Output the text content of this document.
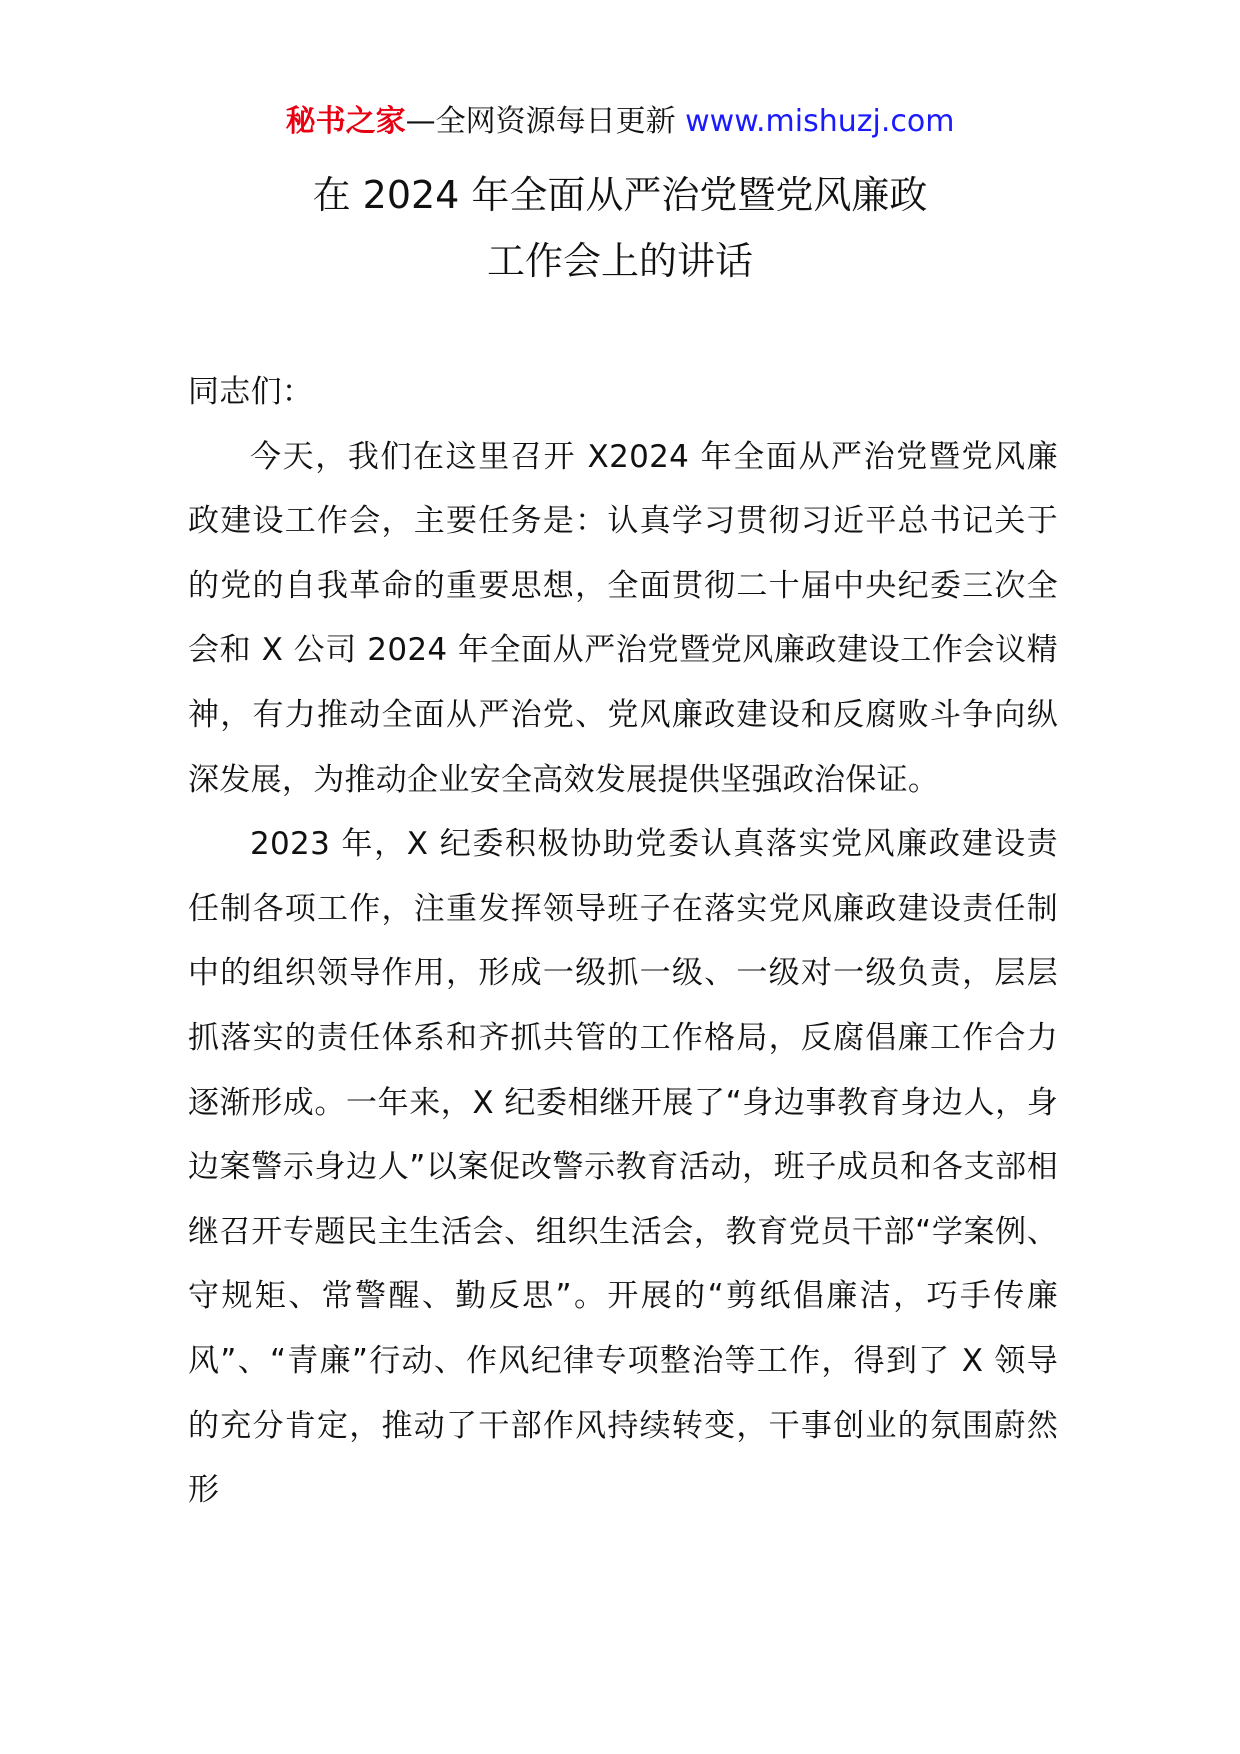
秘书之家—全网资源每日更新 www.mishuzj.com
在 2024 年全面从严治党暨党风廉政
工作会上的讲话

同志们：

今天，我们在这里召开 X2024 年全面从严治党暨党风廉政建设工作会，主要任务是：认真学习贯彻习近平总书记关于的党的自我革命的重要思想，全面贯彻二十届中央纪委三次全会和 X 公司 2024 年全面从严治党暨党风廉政建设工作会议精神，有力推动全面从严治党、党风廉政建设和反腐败斗争向纵深发展，为推动企业安全高效发展提供坚强政治保证。

2023 年，X 纪委积极协助党委认真落实党风廉政建设责任制各项工作，注重发挥领导班子在落实党风廉政建设责任制中的组织领导作用，形成一级抓一级、一级对一级负责，层层抓落实的责任体系和齐抓共管的工作格局，反腐倡廉工作合力逐渐形成。一年来，X 纪委相继开展了“身边事教育身边人，身边案警示身边人”以案促改警示教育活动，班子成员和各支部相继召开专题民主生活会、组织生活会，教育党员干部“学案例、守规矩、常警醒、勤反思”。开展的“剪纸倡廉洁，巧手传廉风”、“青廉”行动、作风纪律专项整治等工作，得到了 X 领导的充分肯定，推动了干部作风持续转变，干事创业的氛围蔚然形
